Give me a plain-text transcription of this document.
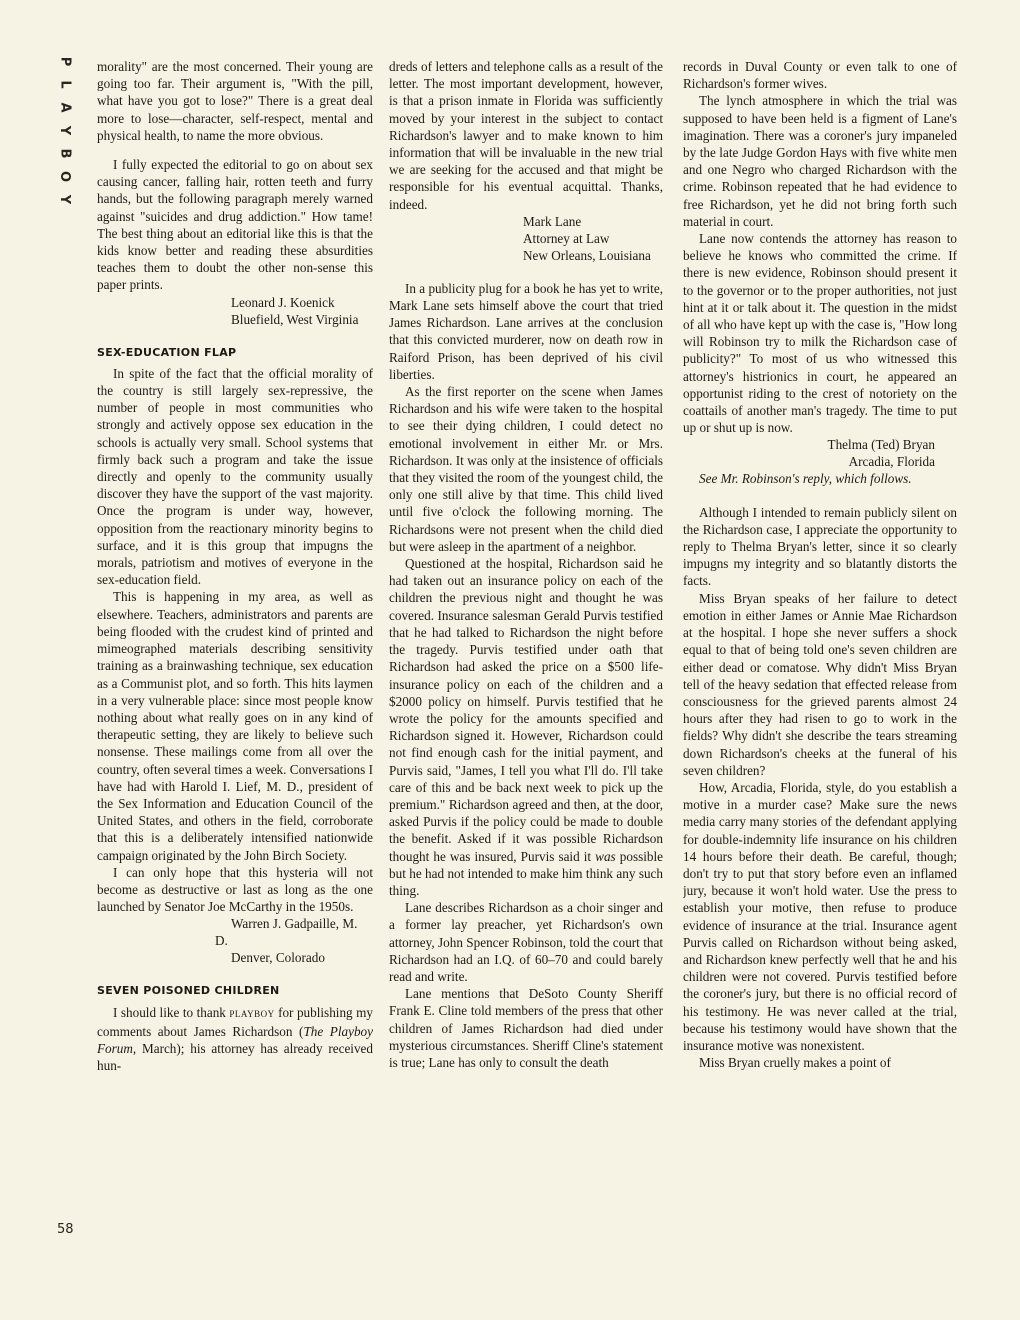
P
L
A
Y
B
O
Y
58

morality" are the most concerned. Their young are going too far. Their argument is, "With the pill, what have you got to lose?" There is a great deal more to lose—character, self-respect, mental and physical health, to name the more obvious.

I fully expected the editorial to go on about sex causing cancer, falling hair, rotten teeth and furry hands, but the following paragraph merely warned against "suicides and drug addiction." How tame! The best thing about an editorial like this is that the kids know better and reading these absurdities teaches them to doubt the other non-sense this paper prints.

Leonard J. Koenick

Bluefield, West Virginia

SEX-EDUCATION FLAP

In spite of the fact that the official morality of the country is still largely sex-repressive, the number of people in most communities who strongly and actively oppose sex education in the schools is actually very small. School systems that firmly back such a program and take the issue directly and openly to the community usually discover they have the support of the vast majority. Once the program is under way, however, opposition from the reactionary minority begins to surface, and it is this group that impugns the morals, patriotism and motives of everyone in the sex-education field.

This is happening in my area, as well as elsewhere. Teachers, administrators and parents are being flooded with the crudest kind of printed and mimeographed materials describing sensitivity training as a brainwashing technique, sex education as a Communist plot, and so forth. This hits laymen in a very vulnerable place: since most people know nothing about what really goes on in any kind of therapeutic setting, they are likely to believe such nonsense. These mailings come from all over the country, often several times a week. Conversations I have had with Harold I. Lief, M. D., president of the Sex Information and Education Council of the United States, and others in the field, corroborate that this is a deliberately intensified nationwide campaign originated by the John Birch Society.

I can only hope that this hysteria will not become as destructive or last as long as the one launched by Senator Joe McCarthy in the 1950s.

Warren J. Gadpaille, M. D.

Denver, Colorado

SEVEN POISONED CHILDREN

I should like to thank PLAYBOY for publishing my comments about James Richardson (The Playboy Forum, March); his attorney has already received hun-

dreds of letters and telephone calls as a result of the letter. The most important development, however, is that a prison inmate in Florida was sufficiently moved by your interest in the subject to contact Richardson's lawyer and to make known to him information that will be invaluable in the new trial we are seeking for the accused and that might be responsible for his eventual acquittal. Thanks, indeed.

Mark Lane

Attorney at Law

New Orleans, Louisiana

In a publicity plug for a book he has yet to write, Mark Lane sets himself above the court that tried James Richardson. Lane arrives at the conclusion that this convicted murderer, now on death row in Raiford Prison, has been deprived of his civil liberties.

As the first reporter on the scene when James Richardson and his wife were taken to the hospital to see their dying children, I could detect no emotional involvement in either Mr. or Mrs. Richardson. It was only at the insistence of officials that they visited the room of the youngest child, the only one still alive by that time. This child lived until five o'clock the following morning. The Richardsons were not present when the child died but were asleep in the apartment of a neighbor.

Questioned at the hospital, Richardson said he had taken out an insurance policy on each of the children the previous night and thought he was covered. Insurance salesman Gerald Purvis testified that he had talked to Richardson the night before the tragedy. Purvis testified under oath that Richardson had asked the price on a $500 life-insurance policy on each of the children and a $2000 policy on himself. Purvis testified that he wrote the policy for the amounts specified and Richardson signed it. However, Richardson could not find enough cash for the initial payment, and Purvis said, "James, I tell you what I'll do. I'll take care of this and be back next week to pick up the premium." Richardson agreed and then, at the door, asked Purvis if the policy could be made to double the benefit. Asked if it was possible Richardson thought he was insured, Purvis said it was possible but he had not intended to make him think any such thing.

Lane describes Richardson as a choir singer and a former lay preacher, yet Richardson's own attorney, John Spencer Robinson, told the court that Richardson had an I.Q. of 60–70 and could barely read and write.

Lane mentions that DeSoto County Sheriff Frank E. Cline told members of the press that other children of James Richardson had died under mysterious circumstances. Sheriff Cline's statement is true; Lane has only to consult the death

records in Duval County or even talk to one of Richardson's former wives.

The lynch atmosphere in which the trial was supposed to have been held is a figment of Lane's imagination. There was a coroner's jury impaneled by the late Judge Gordon Hays with five white men and one Negro who charged Richardson with the crime. Robinson repeated that he had evidence to free Richardson, yet he did not bring forth such material in court.

Lane now contends the attorney has reason to believe he knows who committed the crime. If there is new evidence, Robinson should present it to the governor or to the proper authorities, not just hint at it or talk about it. The question in the midst of all who have kept up with the case is, "How long will Robinson try to milk the Richardson case of publicity?" To most of us who witnessed this attorney's histrionics in court, he appeared an opportunist riding to the crest of notoriety on the coattails of another man's tragedy. The time to put up or shut up is now.

Thelma (Ted) Bryan

Arcadia, Florida

See Mr. Robinson's reply, which follows.

Although I intended to remain publicly silent on the Richardson case, I appreciate the opportunity to reply to Thelma Bryan's letter, since it so clearly impugns my integrity and so blatantly distorts the facts.

Miss Bryan speaks of her failure to detect emotion in either James or Annie Mae Richardson at the hospital. I hope she never suffers a shock equal to that of being told one's seven children are either dead or comatose. Why didn't Miss Bryan tell of the heavy sedation that effected release from consciousness for the grieved parents almost 24 hours after they had risen to go to work in the fields? Why didn't she describe the tears streaming down Richardson's cheeks at the funeral of his seven children?

How, Arcadia, Florida, style, do you establish a motive in a murder case? Make sure the news media carry many stories of the defendant applying for double-indemnity life insurance on his children 14 hours before their death. Be careful, though; don't try to put that story before even an inflamed jury, because it won't hold water. Use the press to establish your motive, then refuse to produce evidence of insurance at the trial. Insurance agent Purvis called on Richardson without being asked, and Richardson knew perfectly well that he and his children were not covered. Purvis testified before the coroner's jury, but there is no official record of his testimony. He was never called at the trial, because his testimony would have shown that the insurance motive was nonexistent.

Miss Bryan cruelly makes a point of
